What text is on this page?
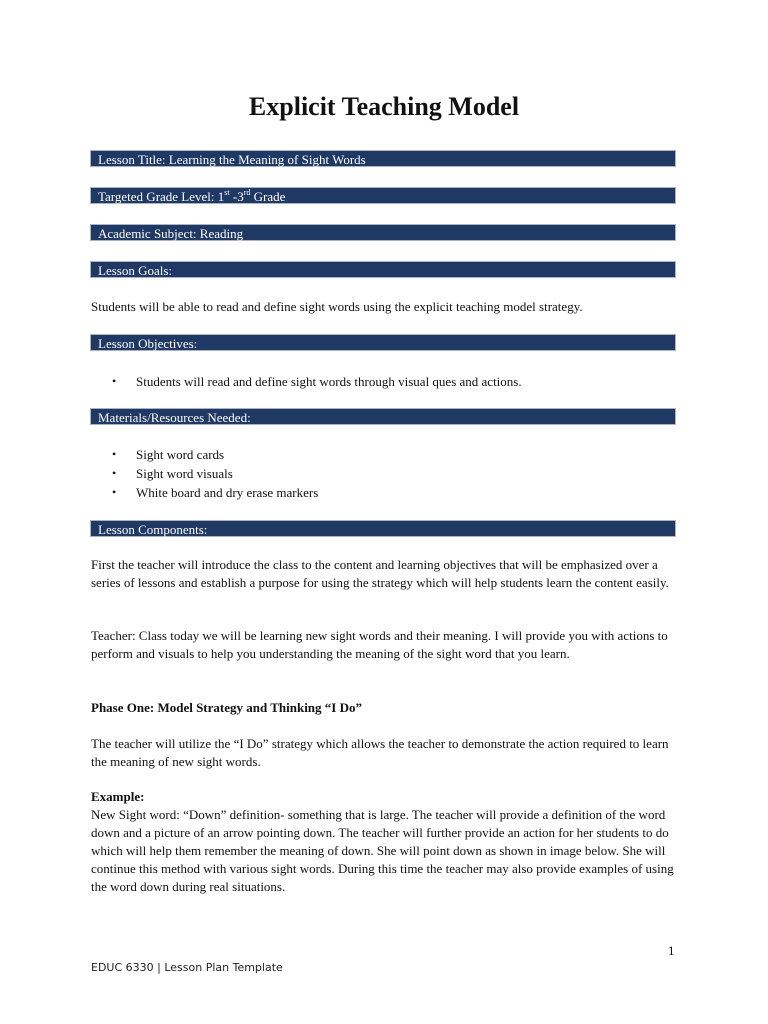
Explicit Teaching Model
Lesson Title: Learning the Meaning of Sight Words
Targeted Grade Level: 1st -3rd Grade
Academic Subject: Reading
Lesson Goals:

Students will be able to read and define sight words using the explicit teaching model strategy.

Lesson Objectives:
• Students will read and define sight words through visual ques and actions.
Materials/Resources Needed:
• Sight word cards
• Sight word visuals
• White board and dry erase markers
Lesson Components:

First the teacher will introduce the class to the content and learning objectives that will be emphasized over a series of lessons and establish a purpose for using the strategy which will help students learn the content easily.

Teacher: Class today we will be learning new sight words and their meaning. I will provide you with actions to perform and visuals to help you understanding the meaning of the sight word that you learn.

Phase One: Model Strategy and Thinking “I Do”

The teacher will utilize the “I Do” strategy which allows the teacher to demonstrate the action required to learn the meaning of new sight words.

Example:

New Sight word: “Down” definition- something that is large. The teacher will provide a definition of the word down and a picture of an arrow pointing down. The teacher will further provide an action for her students to do which will help them remember the meaning of down. She will point down as shown in image below. She will continue this method with various sight words. During this time the teacher may also provide examples of using the word down during real situations.

1
EDUC 6330 | Lesson Plan Template
